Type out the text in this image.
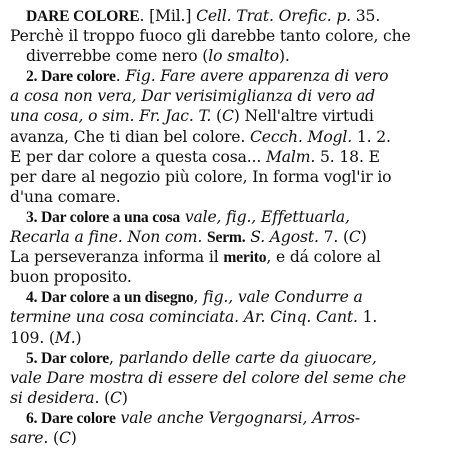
DARE COLORE. [Mil.] Cell. Trat. Orefic. p. 35.
Perchè il troppo fuoco gli darebbe tanto colore, che
diverrebbe come nero (lo smalto).
2. Dare colore. Fig. Fare avere apparenza di vero
a cosa non vera, Dar verisimiglianza di vero ad
una cosa, o sim. Fr. Jac. T. (C) Nell'altre virtudi
avanza, Che ti dian bel colore. Cecch. Mogl. 1. 2.
E per dar colore a questa cosa... Malm. 5. 18. E
per dare al negozio più colore, In forma vogl'ir io
d'una comare.
3. Dar colore a una cosa vale, fig., Effettuarla,
Recarla a fine. Non com. Serm. S. Agost. 7. (C)
La perseveranza informa il merito, e dá colore al
buon proposito.
4. Dar colore a un disegno, fig., vale Condurre a
termine una cosa cominciata. Ar. Cinq. Cant. 1.
109. (M.)
5. Dar colore, parlando delle carte da giuocare,
vale Dare mostra di essere del colore del seme che
si desidera. (C)
6. Dare colore vale anche Vergognarsi, Arros-
sare. (C)
